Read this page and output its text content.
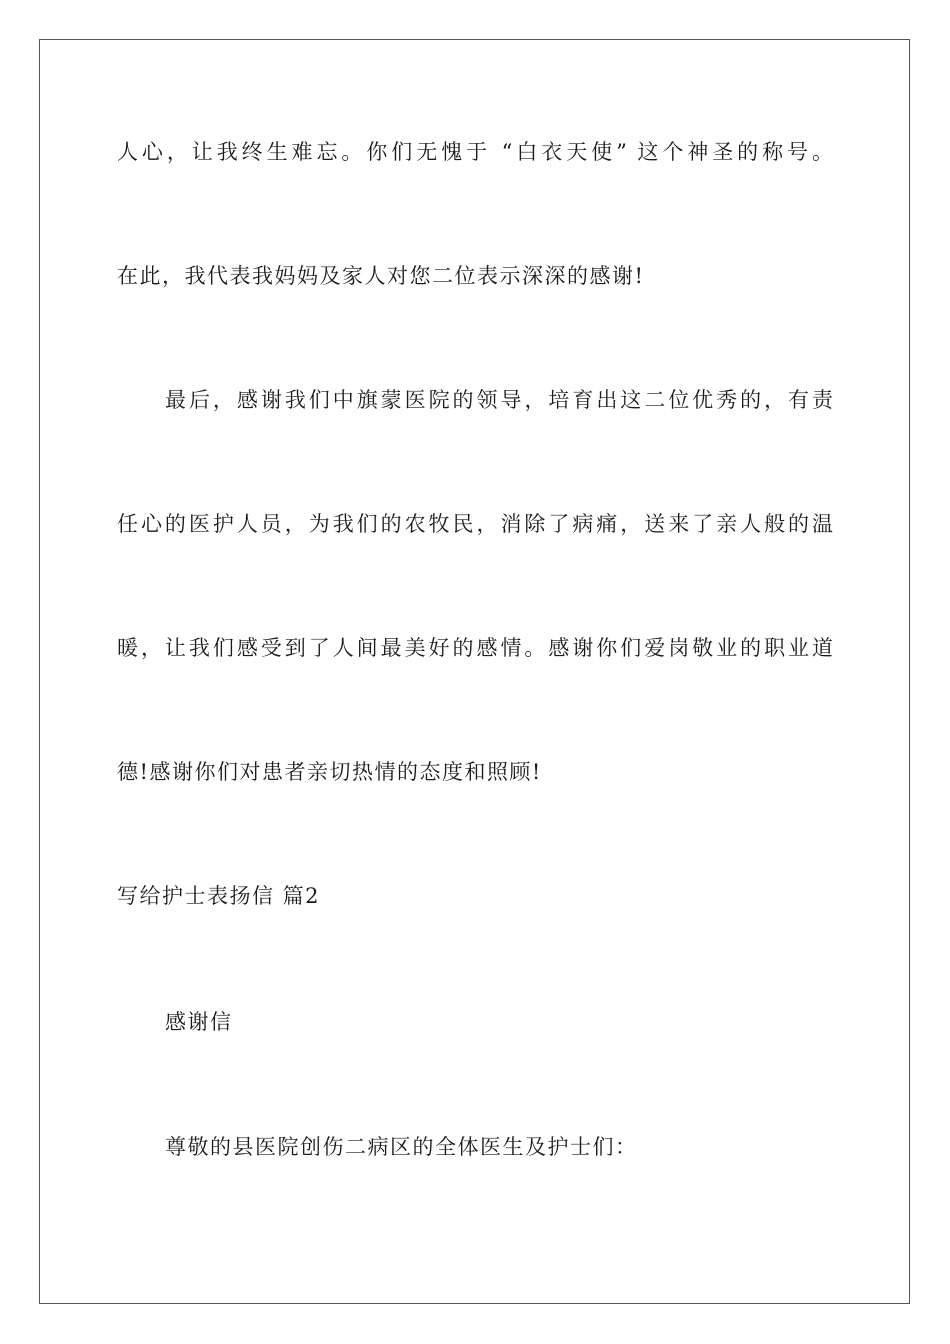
人心，让我终生难忘。你们无愧于 “白衣天使” 这个神圣的称号。
在此，我代表我妈妈及家人对您二位表示深深的感谢!
最后，感谢我们中旗蒙医院的领导，培育出这二位优秀的，有责
任心的医护人员，为我们的农牧民，消除了病痛，送来了亲人般的温
暖，让我们感受到了人间最美好的感情。感谢你们爱岗敬业的职业道
德!感谢你们对患者亲切热情的态度和照顾!
写给护士表扬信 篇2
感谢信
尊敬的县医院创伤二病区的全体医生及护士们：
